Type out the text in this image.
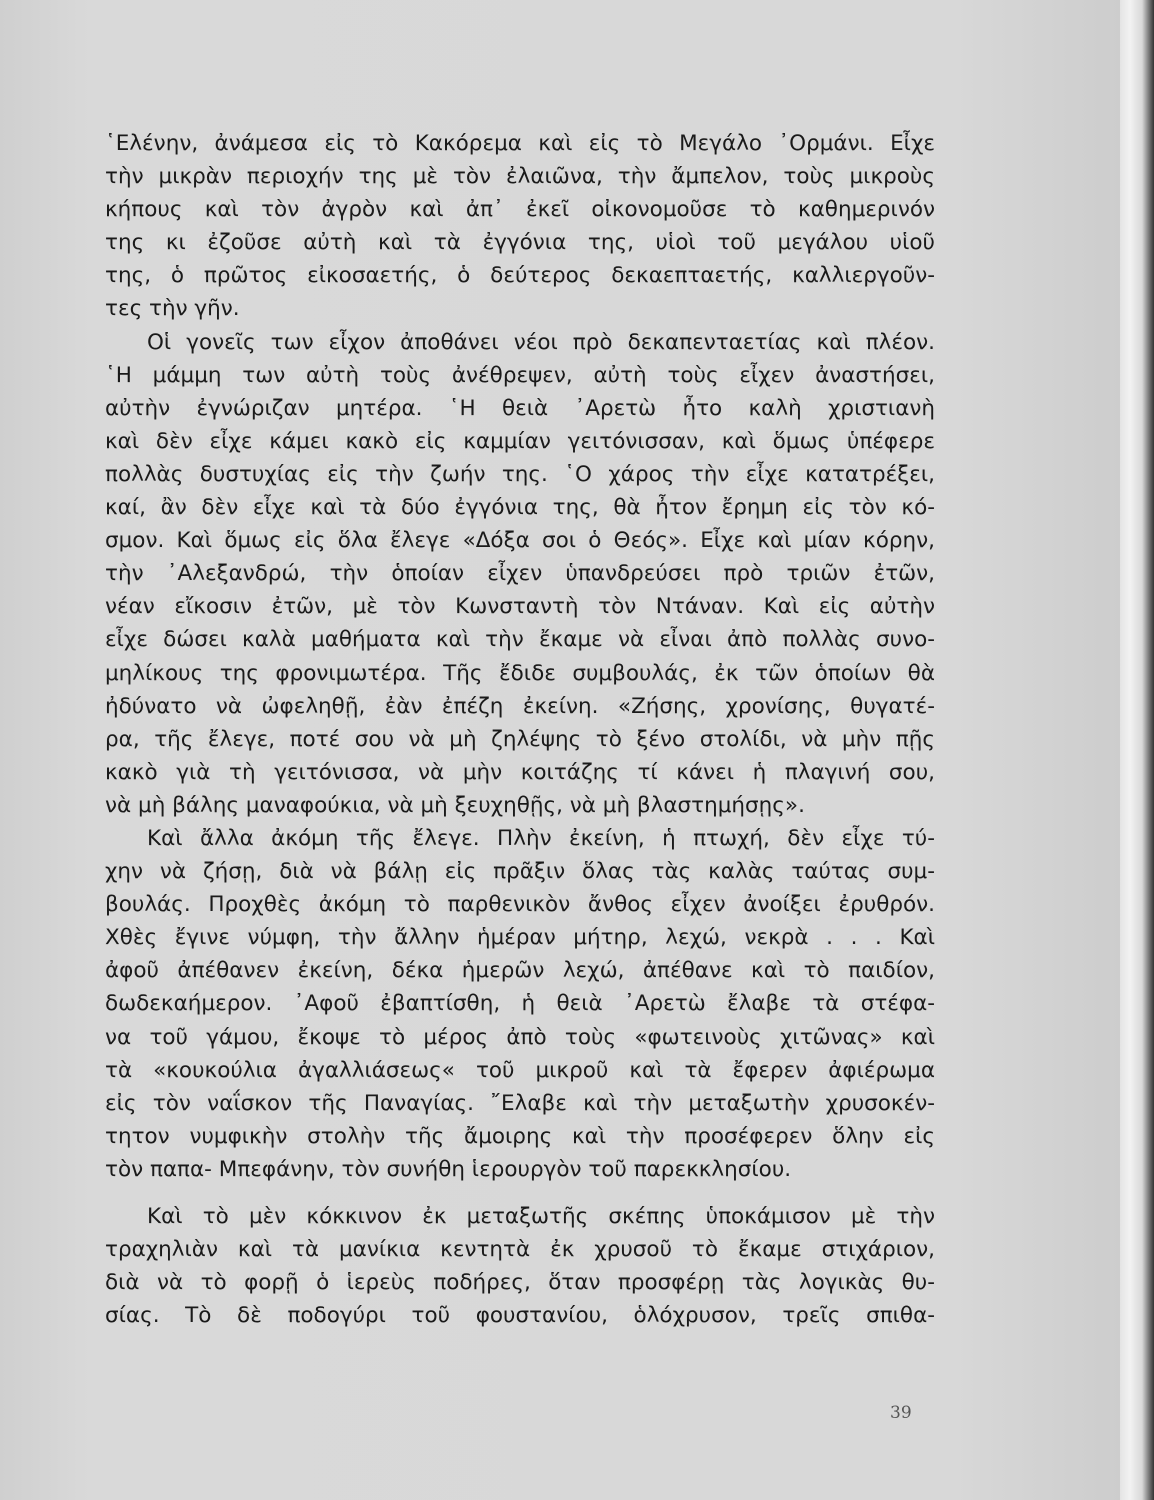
῾Ελένην, ἀνάμεσα εἰς τὸ Κακόρεμα καὶ εἰς τὸ Μεγάλο ᾿Ορμάνι. Εἶχε
τὴν μικρὰν περιοχήν της μὲ τὸν ἐλαιῶνα, τὴν ἄμπελον, τοὺς μικροὺς
κήπους καὶ τὸν ἀγρὸν καὶ ἀπ᾿ ἐκεῖ οἰκονομοῦσε τὸ καθημερινόν
της κι ἐζοῦσε αὐτὴ καὶ τὰ ἐγγόνια της, υἱοὶ τοῦ μεγάλου υἱοῦ
της, ὁ πρῶτος εἰκοσαετής, ὁ δεύτερος δεκαεπταετής, καλλιεργοῦν-
τες τὴν γῆν.
Οἱ γονεῖς των εἶχον ἀποθάνει νέοι πρὸ δεκαπενταετίας καὶ πλέον.
῾Η μάμμη των αὐτὴ τοὺς ἀνέθρεψεν, αὐτὴ τοὺς εἶχεν ἀναστήσει,
αὐτὴν ἐγνώριζαν μητέρα. ῾Η θειὰ ᾿Αρετὼ ἦτο καλὴ χριστιανὴ
καὶ δὲν εἶχε κάμει κακὸ εἰς καμμίαν γειτόνισσαν, καὶ ὅμως ὑπέφερε
πολλὰς δυστυχίας εἰς τὴν ζωήν της. ῾Ο χάρος τὴν εἶχε κατατρέξει,
καί, ἂν δὲν εἶχε καὶ τὰ δύο ἐγγόνια της, θὰ ἦτον ἔρημη εἰς τὸν κό-
σμον. Καὶ ὅμως εἰς ὅλα ἔλεγε «Δόξα σοι ὁ Θεός». Εἶχε καὶ μίαν κόρην,
τὴν ᾿Αλεξανδρώ, τὴν ὁποίαν εἶχεν ὑπανδρεύσει πρὸ τριῶν ἐτῶν,
νέαν εἴκοσιν ἐτῶν, μὲ τὸν Κωνσταντὴ τὸν Ντάναν. Καὶ εἰς αὐτὴν
εἶχε δώσει καλὰ μαθήματα καὶ τὴν ἔκαμε νὰ εἶναι ἀπὸ πολλὰς συνο-
μηλίκους της φρονιμωτέρα. Τῆς ἔδιδε συμβουλάς, ἐκ τῶν ὁποίων θὰ
ἠδύνατο νὰ ὠφεληθῇ, ἐὰν ἐπέζη ἐκείνη. «Ζήσης, χρονίσης, θυγατέ-
ρα, τῆς ἔλεγε, ποτέ σου νὰ μὴ ζηλέψης τὸ ξένο στολίδι, νὰ μὴν πῇς
κακὸ γιὰ τὴ γειτόνισσα, νὰ μὴν κοιτάζης τί κάνει ἡ πλαγινή σου,
νὰ μὴ βάλης μαναφούκια, νὰ μὴ ξευχηθῇς, νὰ μὴ βλαστημήσῃς».
Καὶ ἄλλα ἀκόμη τῆς ἔλεγε. Πλὴν ἐκείνη, ἡ πτωχή, δὲν εἶχε τύ-
χην νὰ ζήσῃ, διὰ νὰ βάλῃ εἰς πρᾶξιν ὅλας τὰς καλὰς ταύτας συμ-
βουλάς. Προχθὲς ἀκόμη τὸ παρθενικὸν ἄνθος εἶχεν ἀνοίξει ἐρυθρόν.
Χθὲς ἔγινε νύμφη, τὴν ἄλλην ἡμέραν μήτηρ, λεχώ, νεκρὰ . . . Καὶ
ἀφοῦ ἀπέθανεν ἐκείνη, δέκα ἡμερῶν λεχώ, ἀπέθανε καὶ τὸ παιδίον,
δωδεκαήμερον. ᾿Αφοῦ ἐβαπτίσθη, ἡ θειὰ ᾿Αρετὼ ἔλαβε τὰ στέφα-
να τοῦ γάμου, ἔκοψε τὸ μέρος ἀπὸ τοὺς «φωτεινοὺς χιτῶνας» καὶ
τὰ «κουκούλια ἀγαλλιάσεως« τοῦ μικροῦ καὶ τὰ ἔφερεν ἀφιέρωμα
εἰς τὸν ναΐσκον τῆς Παναγίας. ῎Ελαβε καὶ τὴν μεταξωτὴν χρυσοκέν-
τητον νυμφικὴν στολὴν τῆς ἄμοιρης καὶ τὴν προσέφερεν ὅλην εἰς
τὸν παπα- Μπεφάνην, τὸν συνήθη ἱερουργὸν τοῦ παρεκκλησίου.
Καὶ τὸ μὲν κόκκινον ἐκ μεταξωτῆς σκέπης ὑποκάμισον μὲ τὴν
τραχηλιὰν καὶ τὰ μανίκια κεντητὰ ἐκ χρυσοῦ τὸ ἔκαμε στιχάριον,
διὰ νὰ τὸ φορῇ ὁ ἱερεὺς ποδήρες, ὅταν προσφέρῃ τὰς λογικὰς θυ-
σίας. Τὸ δὲ ποδογύρι τοῦ φουστανίου, ὁλόχρυσον, τρεῖς σπιθα-
39
